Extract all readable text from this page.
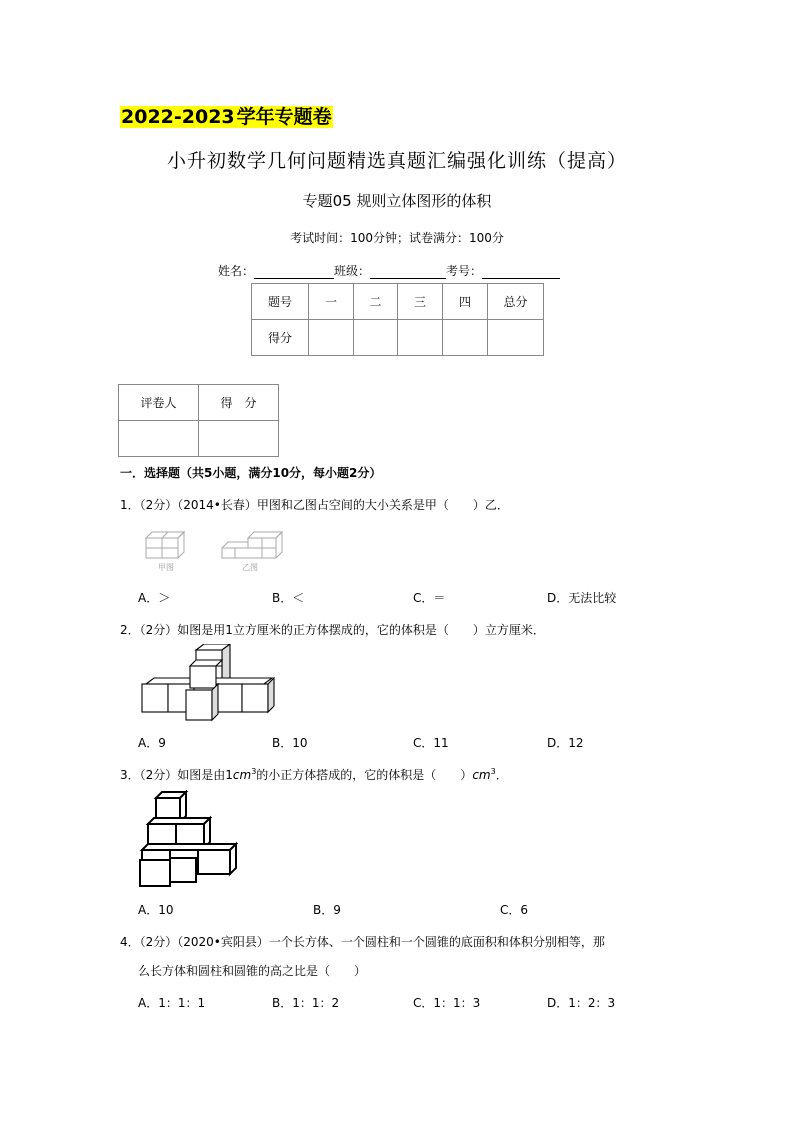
2022-2023 学年专题卷
小升初数学几何问题精选真题汇编强化训练（提高）
专题05 规则立体图形的体积
考试时间：100分钟；试卷满分：100分
姓名：	班级：	考号：
题号	一	二	三	四	总分
得分					
评卷人	得　分

一．选择题（共5小题，满分10分，每小题2分）
1．（2分）（2014•长春）甲图和乙图占空间的大小关系是甲（　　）乙．
甲图	乙图
A．＞	B．＜	C．＝	D．无法比较
2．（2分）如图是用1立方厘米的正方体摆成的，它的体积是（　　）立方厘米．
A．9	B．10	C．11	D．12
3．（2分）如图是由$1cm^3$的小正方体搭成的，它的体积是（　　）$cm^3$．
A．10	B．9	C．6
4．（2分）（2020•宾阳县）一个长方体、一个圆柱和一个圆锥的底面积和体积分别相等，那
么长方体和圆柱和圆锥的高之比是（　　）
A．1：1：1	B．1：1：2	C．1：1：3	D．1：2：3
